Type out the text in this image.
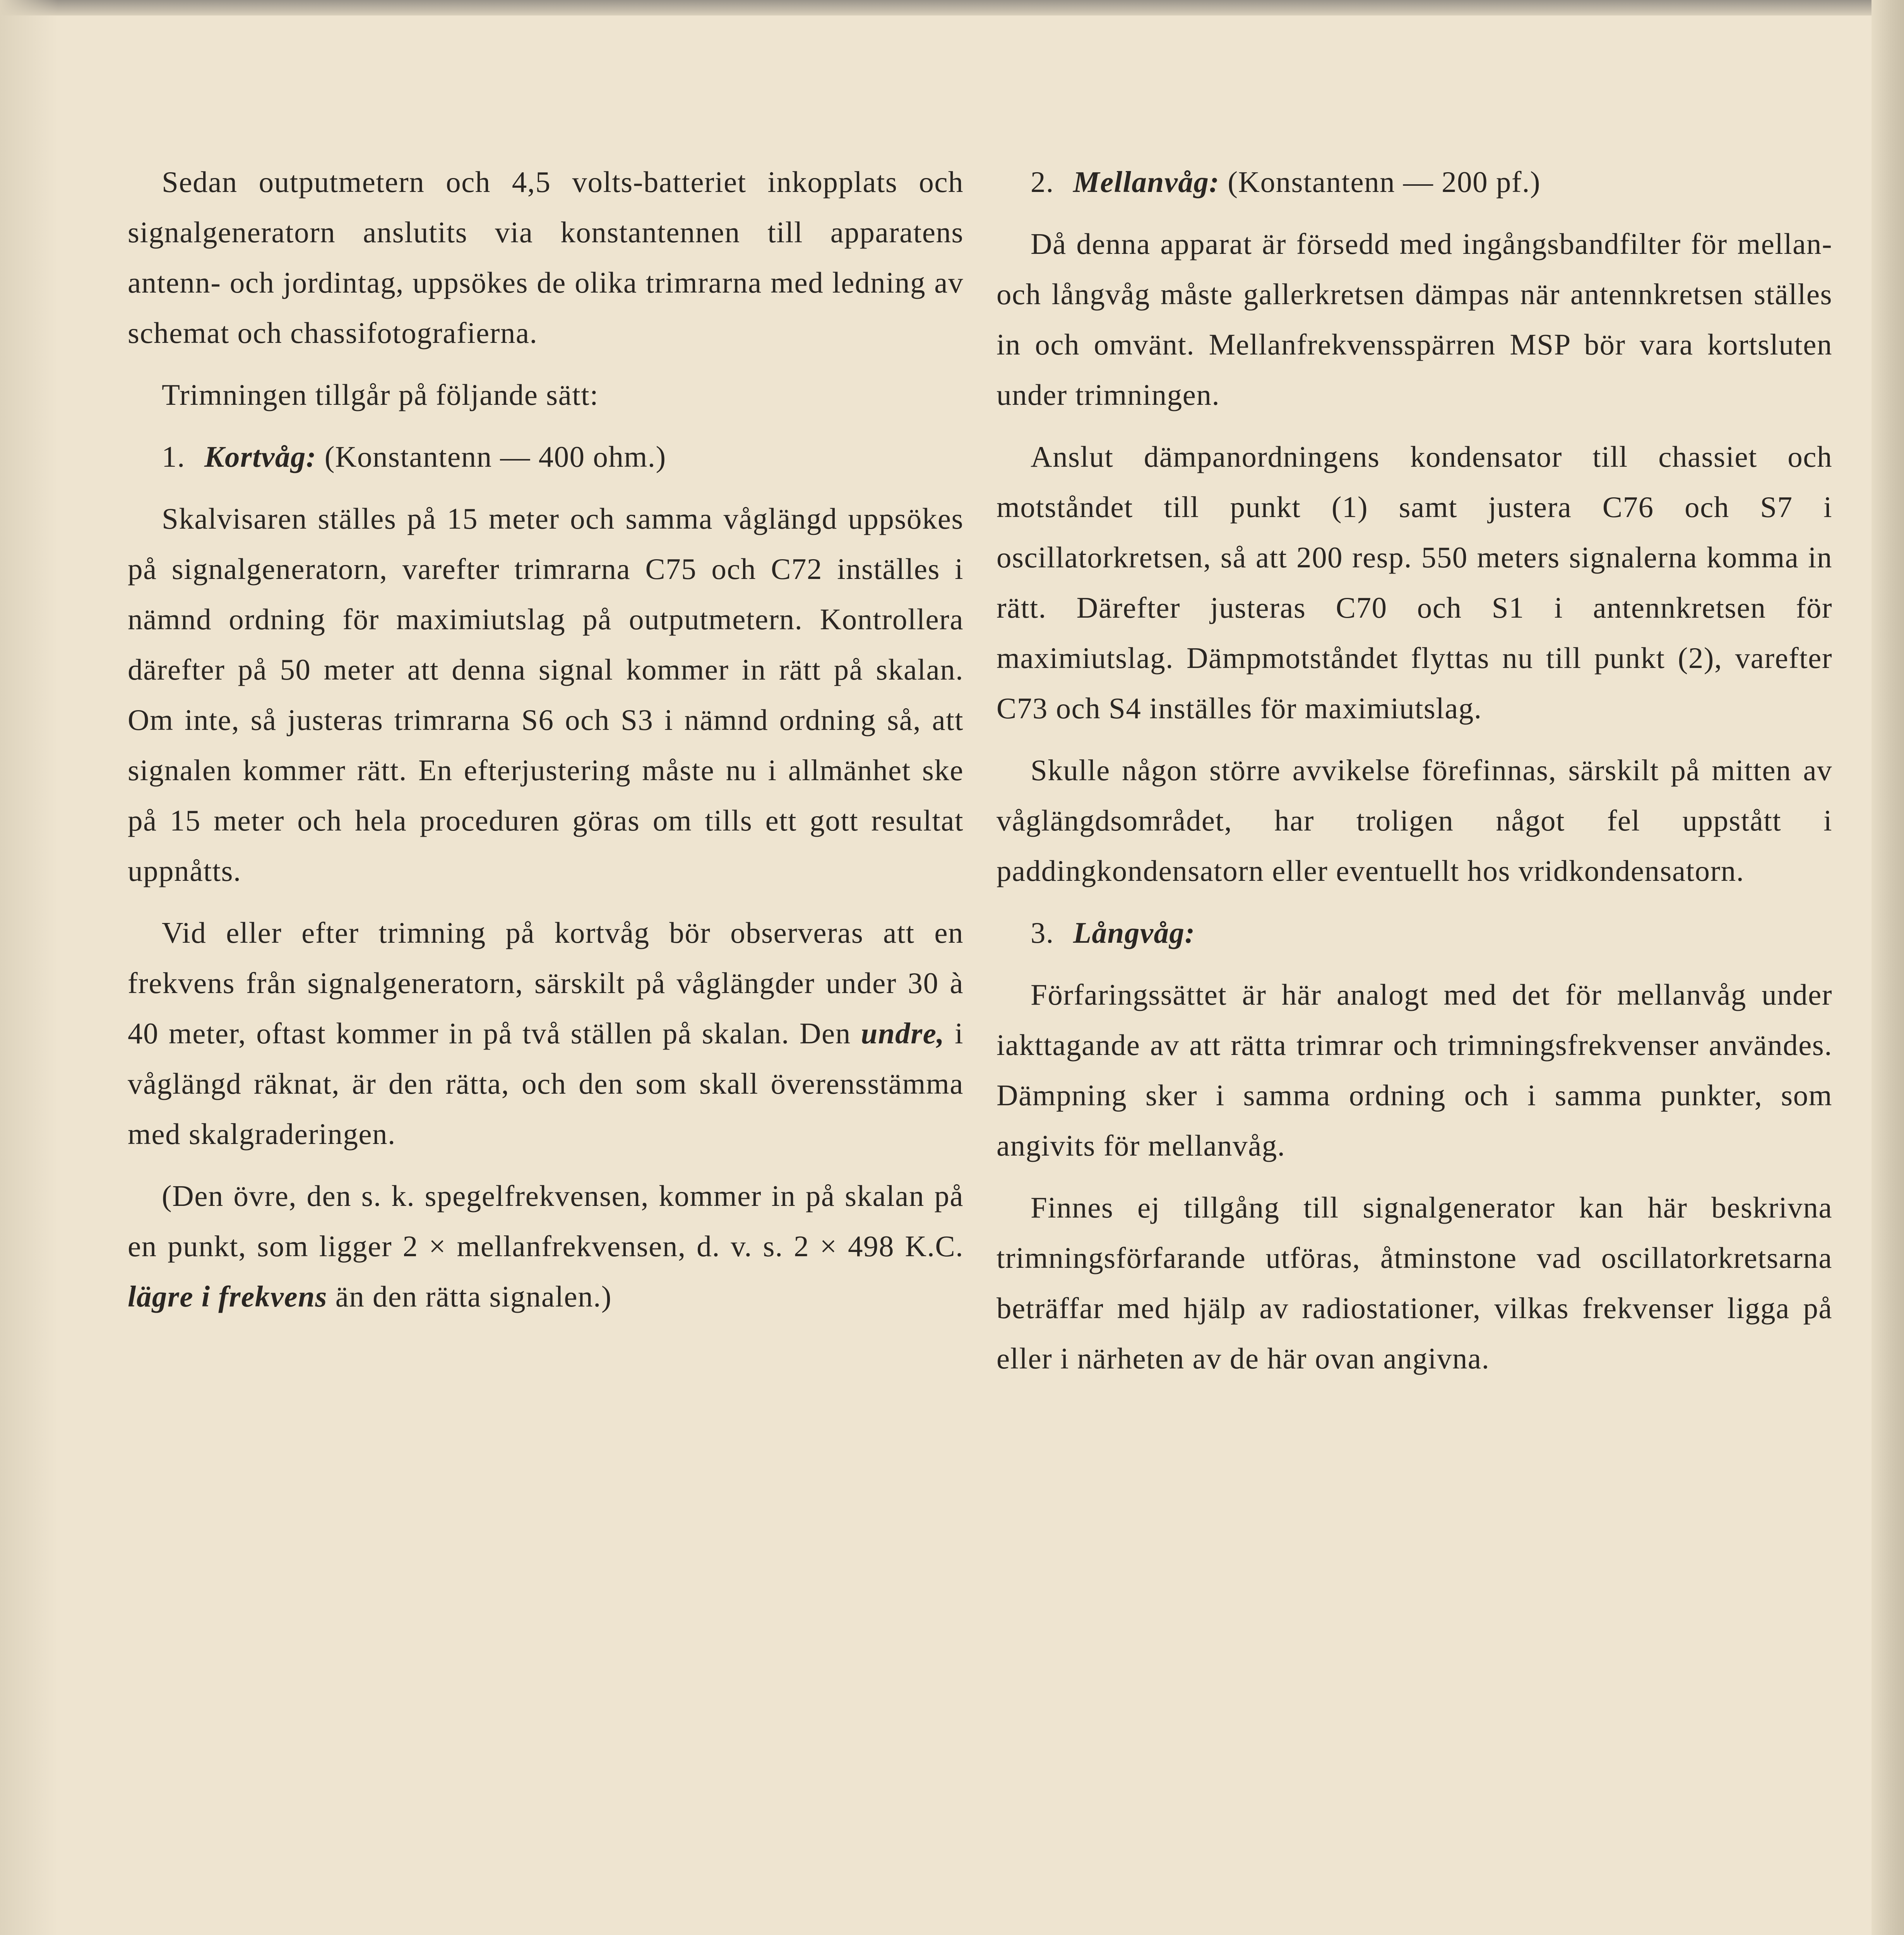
Sedan outputmetern och 4,5 volts-batteriet inkopplats och signalgeneratorn anslutits via konstantennen till apparatens antenn- och jordintag, uppsökes de olika trimrarna med ledning av schemat och chassifotografierna.

Trimningen tillgår på följande sätt:

1. Kortvåg: (Konstantenn — 400 ohm.)

Skalvisaren ställes på 15 meter och samma våglängd uppsökes på signalgeneratorn, varefter trimrarna C75 och C72 inställes i nämnd ordning för maximiutslag på outputmetern. Kontrollera därefter på 50 meter att denna signal kommer in rätt på skalan. Om inte, så justeras trimrarna S6 och S3 i nämnd ordning så, att signalen kommer rätt. En efterjustering måste nu i allmänhet ske på 15 meter och hela proceduren göras om tills ett gott resultat uppnåtts.

Vid eller efter trimning på kortvåg bör observeras att en frekvens från signalgeneratorn, särskilt på våglängder under 30 à 40 meter, oftast kommer in på två ställen på skalan. Den undre, i våglängd räknat, är den rätta, och den som skall överensstämma med skalgraderingen.

(Den övre, den s. k. spegelfrekvensen, kommer in på skalan på en punkt, som ligger 2 × mellanfrekvensen, d. v. s. 2 × 498 K.C. lägre i frekvens än den rätta signalen.)

2. Mellanvåg: (Konstantenn — 200 pf.)

Då denna apparat är försedd med ingångsbandfilter för mellan- och långvåg måste gallerkretsen dämpas när antennkretsen ställes in och omvänt. Mellanfrekvensspärren MSP bör vara kortsluten under trimningen.

Anslut dämpanordningens kondensator till chassiet och motståndet till punkt (1) samt justera C76 och S7 i oscillatorkretsen, så att 200 resp. 550 meters signalerna komma in rätt. Därefter justeras C70 och S1 i antennkretsen för maximiutslag. Dämpmotståndet flyttas nu till punkt (2), varefter C73 och S4 inställes för maximiutslag.

Skulle någon större avvikelse förefinnas, särskilt på mitten av våglängdsområdet, har troligen något fel uppstått i paddingkondensatorn eller eventuellt hos vridkondensatorn.

3. Långvåg:

Förfaringssättet är här analogt med det för mellanvåg under iakttagande av att rätta trimrar och trimningsfrekvenser användes. Dämpning sker i samma ordning och i samma punkter, som angivits för mellanvåg.

Finnes ej tillgång till signalgenerator kan här beskrivna trimningsförfarande utföras, åtminstone vad oscillatorkretsarna beträffar med hjälp av radiostationer, vilkas frekvenser ligga på eller i närheten av de här ovan angivna.
